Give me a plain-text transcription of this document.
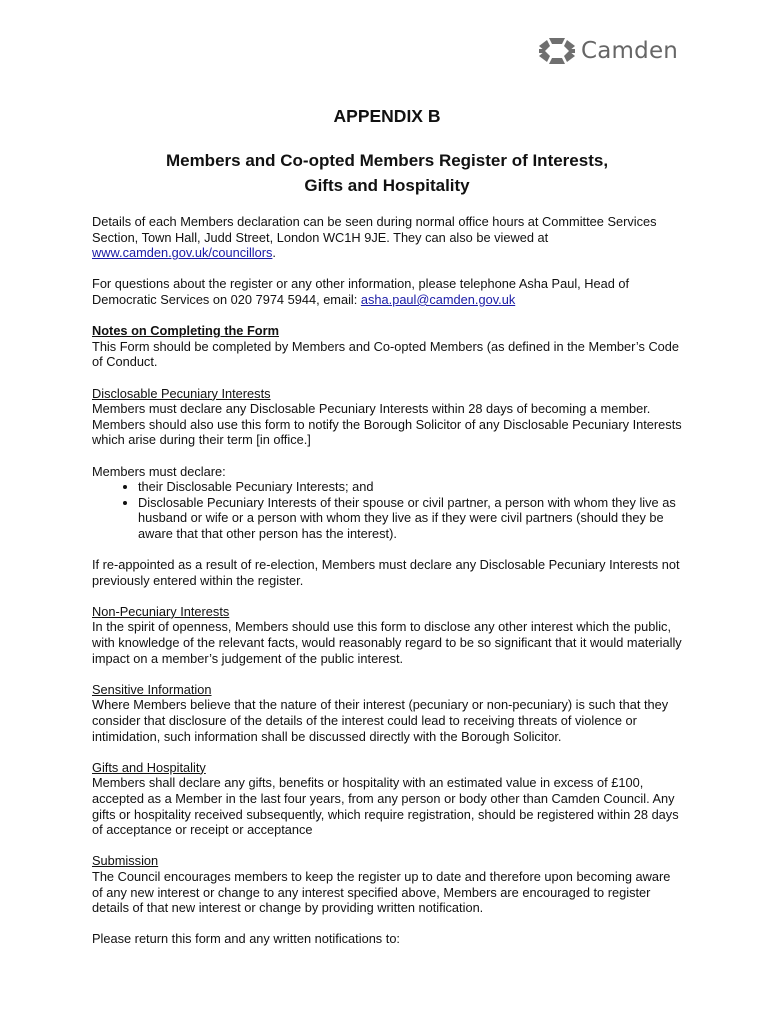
Camden
APPENDIX B
Members and Co-opted Members Register of Interests,
Gifts and Hospitality

Details of each Members declaration can be seen during normal office hours at Committee Services Section, Town Hall, Judd Street, London WC1H 9JE. They can also be viewed at www.camden.gov.uk/councillors.

For questions about the register or any other information, please telephone Asha Paul, Head of Democratic Services on 020 7974 5944, email: asha.paul@camden.gov.uk

Notes on Completing the Form

This Form should be completed by Members and Co-opted Members (as defined in the Member’s Code of Conduct.

Disclosable Pecuniary Interests

Members must declare any Disclosable Pecuniary Interests within 28 days of becoming a member. Members should also use this form to notify the Borough Solicitor of any Disclosable Pecuniary Interests which arise during their term [in office.]

Members must declare:

• their Disclosable Pecuniary Interests; and
• Disclosable Pecuniary Interests of their spouse or civil partner, a person with whom they live as husband or wife or a person with whom they live as if they were civil partners (should they be aware that that other person has the interest).

If re-appointed as a result of re-election, Members must declare any Disclosable Pecuniary Interests not previously entered within the register.

Non-Pecuniary Interests

In the spirit of openness, Members should use this form to disclose any other interest which the public, with knowledge of the relevant facts, would reasonably regard to be so significant that it would materially impact on a member’s judgement of the public interest.

Sensitive Information

Where Members believe that the nature of their interest (pecuniary or non-pecuniary) is such that they consider that disclosure of the details of the interest could lead to receiving threats of violence or intimidation, such information shall be discussed directly with the Borough Solicitor.

Gifts and Hospitality

Members shall declare any gifts, benefits or hospitality with an estimated value in excess of £100, accepted as a Member in the last four years, from any person or body other than Camden Council. Any gifts or hospitality received subsequently, which require registration, should be registered within 28 days of acceptance or receipt or acceptance

Submission

The Council encourages members to keep the register up to date and therefore upon becoming aware of any new interest or change to any interest specified above, Members are encouraged to register details of that new interest or change by providing written notification.

Please return this form and any written notifications to:
